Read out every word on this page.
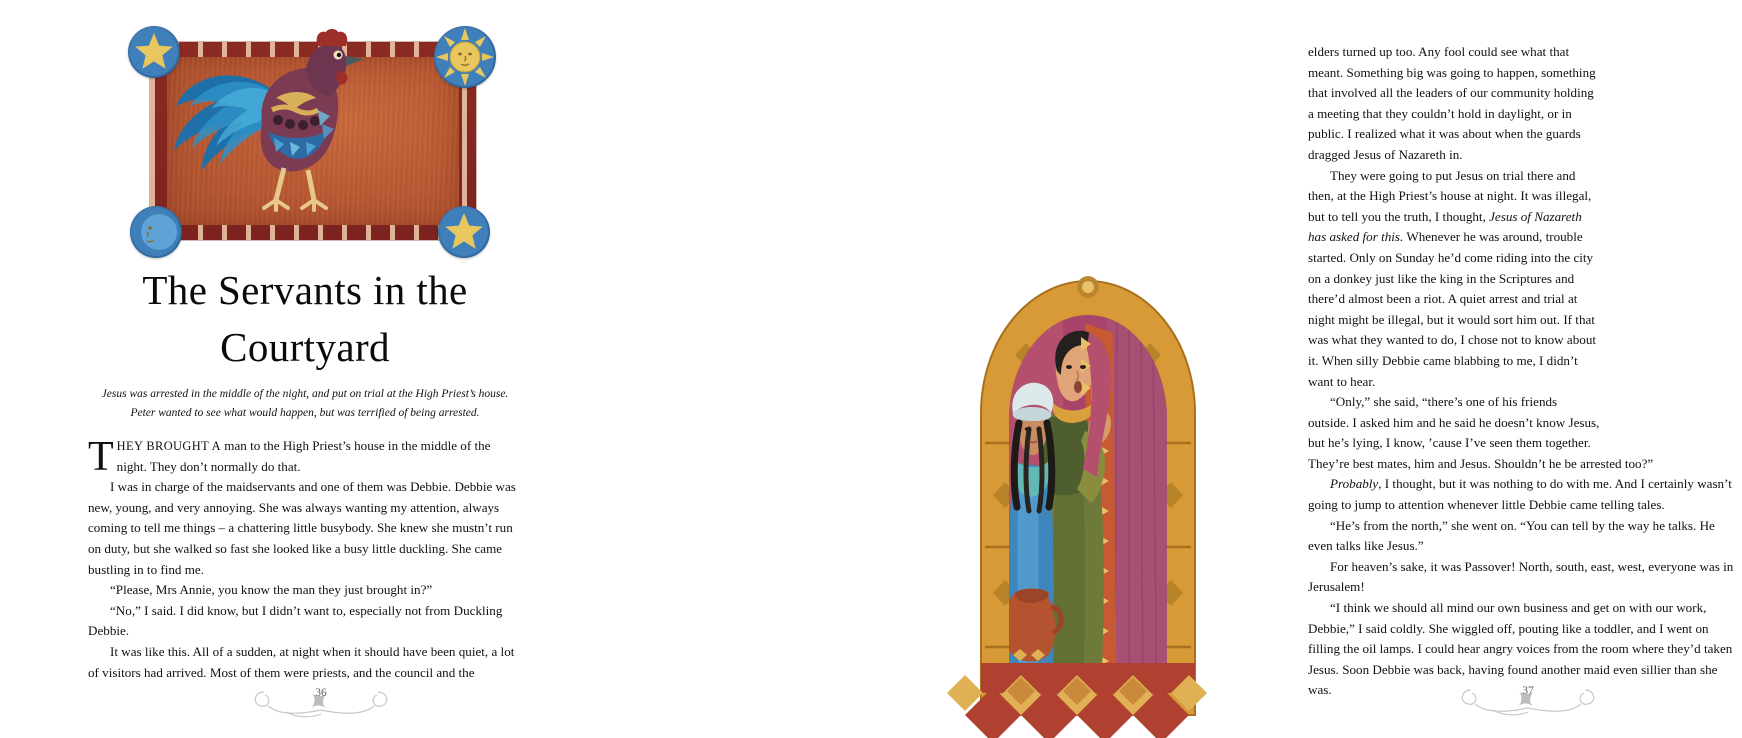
The Servants in the
Courtyard
Jesus was arrested in the middle of the night, and put on trial at the High Priest’s house.
Peter wanted to see what would happen, but was terrified of being arrested.

THEY BROUGHT A man to the High Priest’s house in the middle of the night. They don’t normally do that.

I was in charge of the maidservants and one of them was Debbie. Debbie was new, young, and very annoying. She was always wanting my attention, always coming to tell me things – a chattering little busybody. She knew she mustn’t run on duty, but she walked so fast she looked like a busy little duckling. She came bustling in to find me.

“Please, Mrs Annie, you know the man they just brought in?”

“No,” I said. I did know, but I didn’t want to, especially not from Duckling Debbie.

It was like this. All of a sudden, at night when it should have been quiet, a lot of visitors had arrived. Most of them were priests, and the council and the

36

elders turned up too. Any fool could see what that meant. Something big was going to happen, something that involved all the leaders of our community holding a meeting that they couldn’t hold in daylight, or in public. I realized what it was about when the guards dragged Jesus of Nazareth in.

They were going to put Jesus on trial there and then, at the High Priest’s house at night. It was illegal, but to tell you the truth, I thought, Jesus of Nazareth has asked for this. Whenever he was around, trouble started. Only on Sunday he’d come riding into the city on a donkey just like the king in the Scriptures and there’d almost been a riot. A quiet arrest and trial at night might be illegal, but it would sort him out. If that was what they wanted to do, I chose not to know about it. When silly Debbie came blabbing to me, I didn’t want to hear.

“Only,” she said, “there’s one of his friends outside. I asked him and he said he doesn’t know Jesus, but he’s lying, I know, ’cause I’ve seen them together. They’re best mates, him and Jesus. Shouldn’t he be arrested too?”

Probably, I thought, but it was nothing to do with me. And I certainly wasn’t going to jump to attention whenever little Debbie came telling tales.

“He’s from the north,” she went on. “You can tell by the way he talks. He even talks like Jesus.”

For heaven’s sake, it was Passover! North, south, east, west, everyone was in Jerusalem!

“I think we should all mind our own business and get on with our work, Debbie,” I said coldly. She wiggled off, pouting like a toddler, and I went on filling the oil lamps. I could hear angry voices from the room where they’d taken Jesus. Soon Debbie was back, having found another maid even sillier than she was.	37
